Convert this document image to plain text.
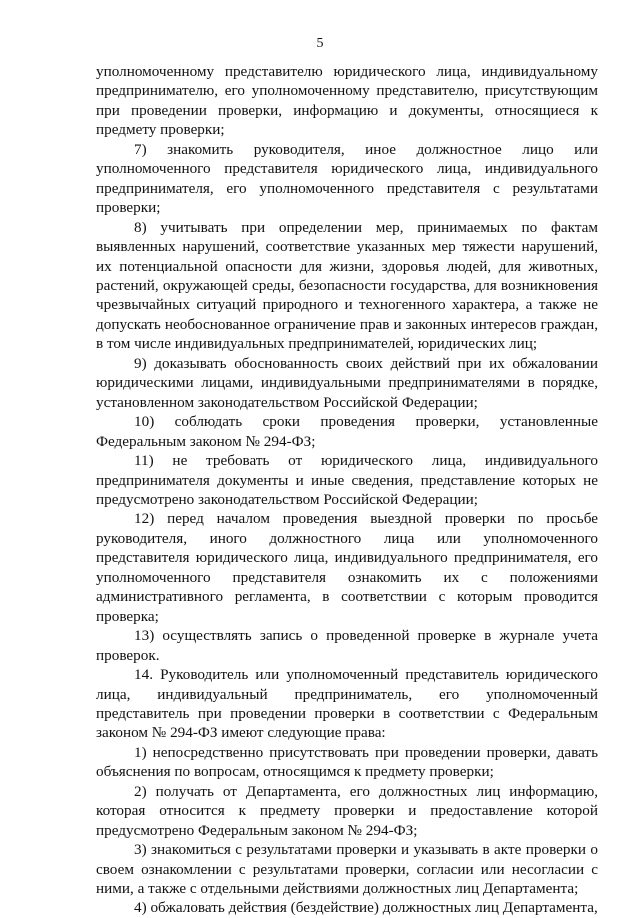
5

уполномоченному представителю юридического лица, индивидуальному предпринимателю, его уполномоченному представителю, присутствующим при проведении проверки, информацию и документы, относящиеся к предмету проверки;

7) знакомить руководителя, иное должностное лицо или уполномоченного представителя юридического лица, индивидуального предпринимателя, его уполномоченного представителя с результатами проверки;

8) учитывать при определении мер, принимаемых по фактам выявленных нарушений, соответствие указанных мер тяжести нарушений, их потенциальной опасности для жизни, здоровья людей, для животных, растений, окружающей среды, безопасности государства, для возникновения чрезвычайных ситуаций природного и техногенного характера, а также не допускать необоснованное ограничение прав и законных интересов граждан, в том числе индивидуальных предпринимателей, юридических лиц;

9) доказывать обоснованность своих действий при их обжаловании юридическими лицами, индивидуальными предпринимателями в порядке, установленном законодательством Российской Федерации;

10) соблюдать сроки проведения проверки, установленные Федеральным законом № 294-ФЗ;

11) не требовать от юридического лица, индивидуального предпринимателя документы и иные сведения, представление которых не предусмотрено законодательством Российской Федерации;

12) перед началом проведения выездной проверки по просьбе руководителя, иного должностного лица или уполномоченного представителя юридического лица, индивидуального предпринимателя, его уполномоченного представителя ознакомить их с положениями административного регламента, в соответствии с которым проводится проверка;

13) осуществлять запись о проведенной проверке в журнале учета проверок.

14. Руководитель или уполномоченный представитель юридического лица, индивидуальный предприниматель, его уполномоченный представитель при проведении проверки в соответствии с Федеральным законом № 294-ФЗ имеют следующие права:

1) непосредственно присутствовать при проведении проверки, давать объяснения по вопросам, относящимся к предмету проверки;

2) получать от Департамента, его должностных лиц информацию, которая относится к предмету проверки и предоставление которой предусмотрено Федеральным законом № 294-ФЗ;

3) знакомиться с результатами проверки и указывать в акте проверки о своем ознакомлении с результатами проверки, согласии или несогласии с ними, а также с отдельными действиями должностных лиц Департамента;

4) обжаловать действия (бездействие) должностных лиц Департамента,
